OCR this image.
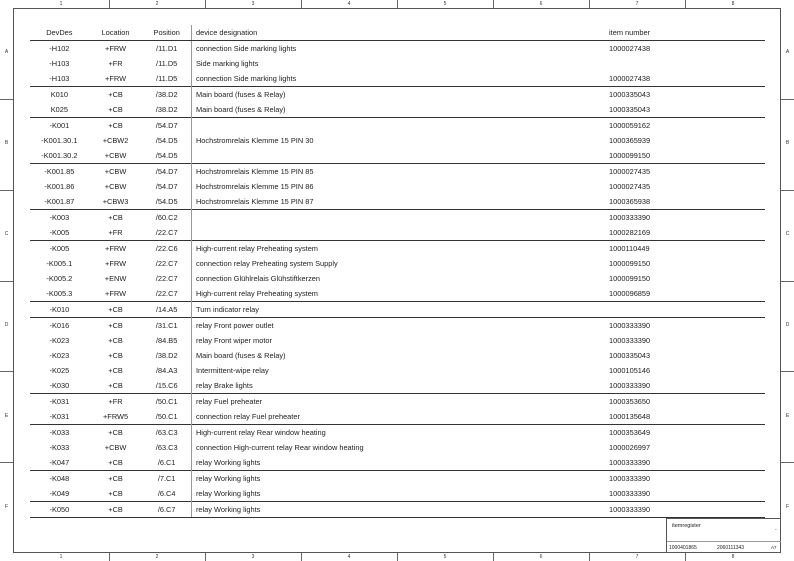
1	2	3	4	5	6	7	8
1	2	3	4	5	6	7	8
A
B
C
D
E
F
A
B
C
D
E
F
DevDes	Location	Position	device designation	item number
-H102	+FRW	/11.D1	connection Side marking lights	1000027438
-H103	+FR	/11.D5	Side marking lights	
-H103	+FRW	/11.D5	connection Side marking lights	1000027438
K010	+CB	/38.D2	Main board (fuses & Relay)	1000335043
K025	+CB	/38.D2	Main board (fuses & Relay)	1000335043
-K001	+CB	/54.D7		1000059162
-K001.30.1	+CBW2	/54.D5	Hochstromrelais Klemme 15 PIN 30	1000365939
-K001.30.2	+CBW	/54.D5		1000099150
-K001.85	+CBW	/54.D7	Hochstromrelais Klemme 15 PIN 85	1000027435
-K001.86	+CBW	/54.D7	Hochstromrelais Klemme 15 PIN 86	1000027435
-K001.87	+CBW3	/54.D5	Hochstromrelais Klemme 15 PIN 87	1000365938
-K003	+CB	/60.C2		1000333390
-K005	+FR	/22.C7		1000282169
-K005	+FRW	/22.C6	High-current relay Preheating system	1000110449
-K005.1	+FRW	/22.C7	connection relay Preheating system Supply	1000099150
-K005.2	+ENW	/22.C7	connection Glühlrelais Glühstiftkerzen	1000099150
-K005.3	+FRW	/22.C7	High-current relay Preheating system	1000096859
-K010	+CB	/14.A5	Turn indicator relay	
-K016	+CB	/31.C1	relay Front power outlet	1000333390
-K023	+CB	/84.B5	relay Front wiper motor	1000333390
-K023	+CB	/38.D2	Main board (fuses & Relay)	1000335043
-K025	+CB	/84.A3	Intermittent-wipe relay	1000105146
-K030	+CB	/15.C6	relay Brake lights	1000333390
-K031	+FR	/50.C1	relay Fuel preheater	1000353650
-K031	+FRW5	/50.C1	connection relay Fuel preheater	1000135648
-K033	+CB	/63.C3	High-current relay Rear window heating	1000353649
-K033	+CBW	/63.C3	connection High-current relay Rear window heating	1000026997
-K047	+CB	/6.C1	relay Working lights	1000333390
-K048	+CB	/7.C1	relay Working lights	1000333390
-K049	+CB	/6.C4	relay Working lights	1000333390
-K050	+CB	/6.C7	relay Working lights	1000333390
itemregister
-
1000401865	2060111343	A7
